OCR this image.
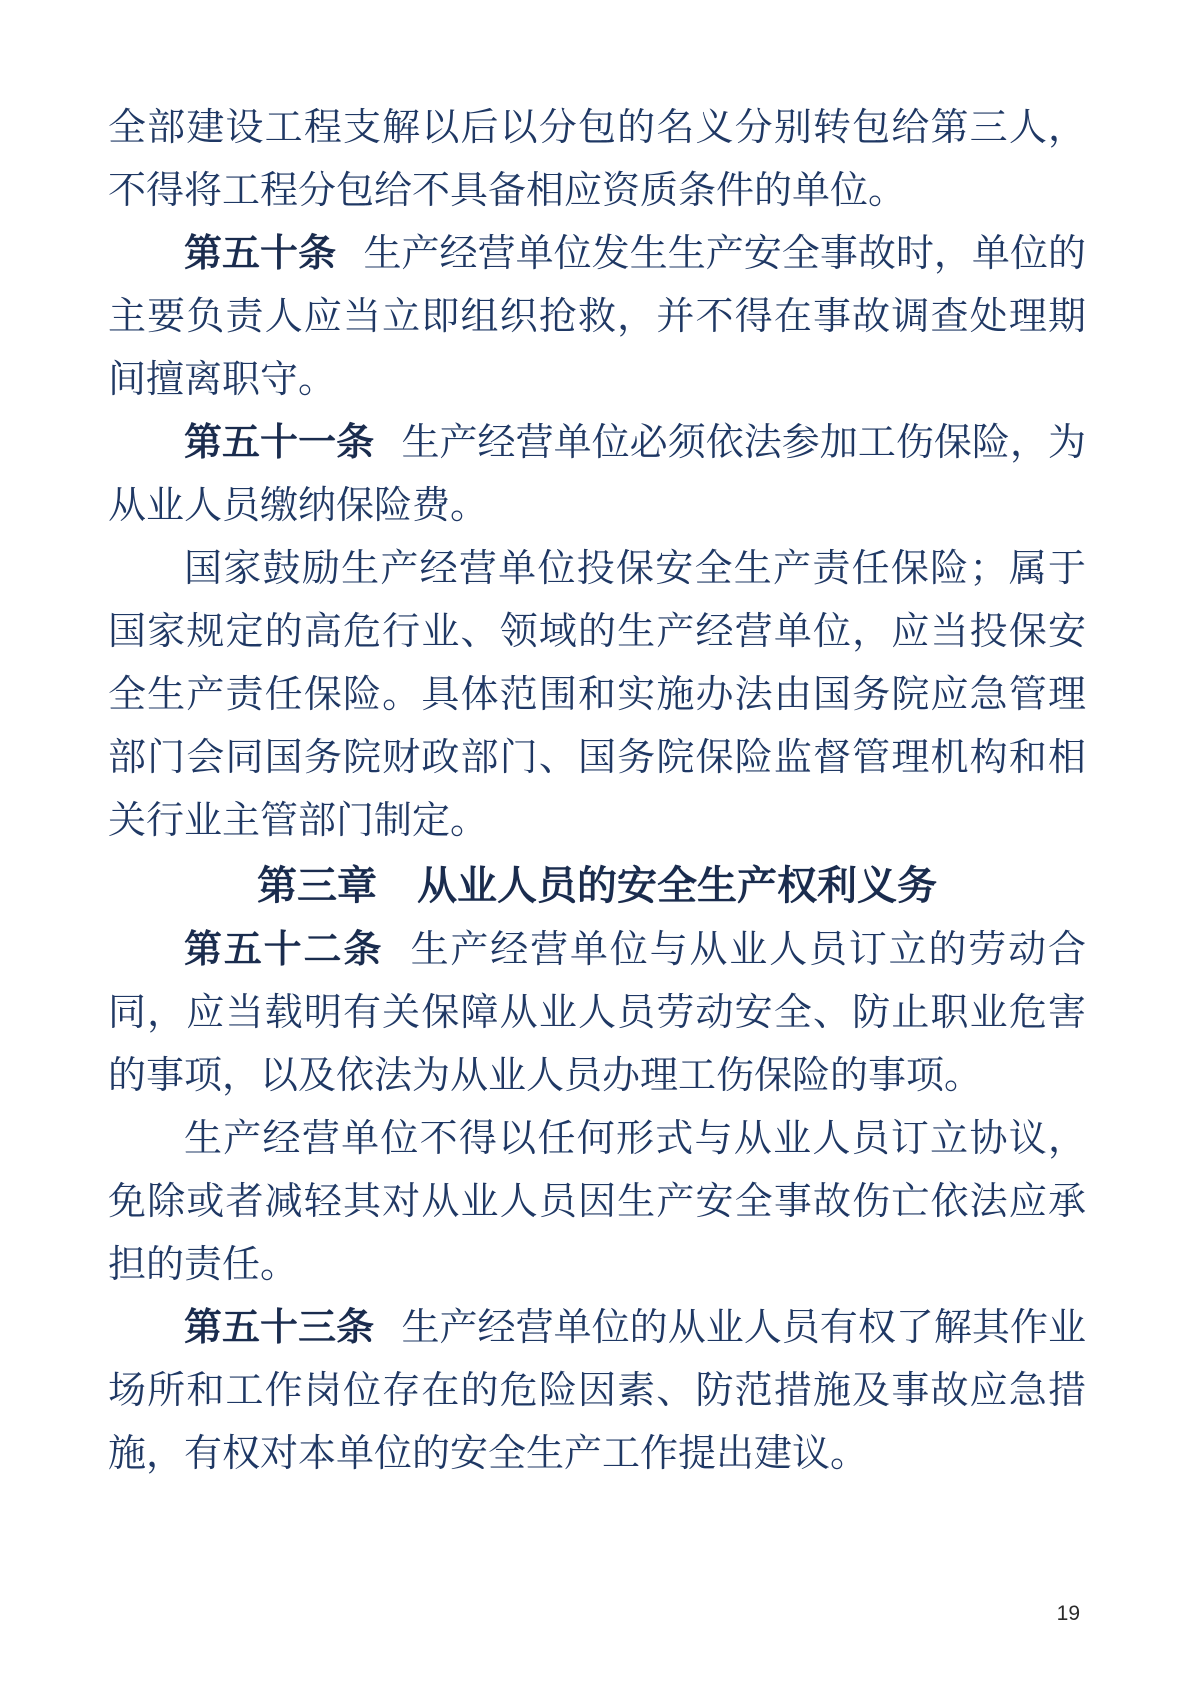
全部建设工程支解以后以分包的名义分别转包给第三人，不得将工程分包给不具备相应资质条件的单位。

第五十条 生产经营单位发生生产安全事故时，单位的主要负责人应当立即组织抢救，并不得在事故调查处理期间擅离职守。

第五十一条 生产经营单位必须依法参加工伤保险，为从业人员缴纳保险费。

国家鼓励生产经营单位投保安全生产责任保险；属于国家规定的高危行业、领域的生产经营单位，应当投保安全生产责任保险。具体范围和实施办法由国务院应急管理部门会同国务院财政部门、国务院保险监督管理机构和相关行业主管部门制定。

第三章　从业人员的安全生产权利义务

第五十二条 生产经营单位与从业人员订立的劳动合同，应当载明有关保障从业人员劳动安全、防止职业危害的事项，以及依法为从业人员办理工伤保险的事项。

生产经营单位不得以任何形式与从业人员订立协议，免除或者减轻其对从业人员因生产安全事故伤亡依法应承担的责任。

第五十三条 生产经营单位的从业人员有权了解其作业场所和工作岗位存在的危险因素、防范措施及事故应急措施，有权对本单位的安全生产工作提出建议。

19
